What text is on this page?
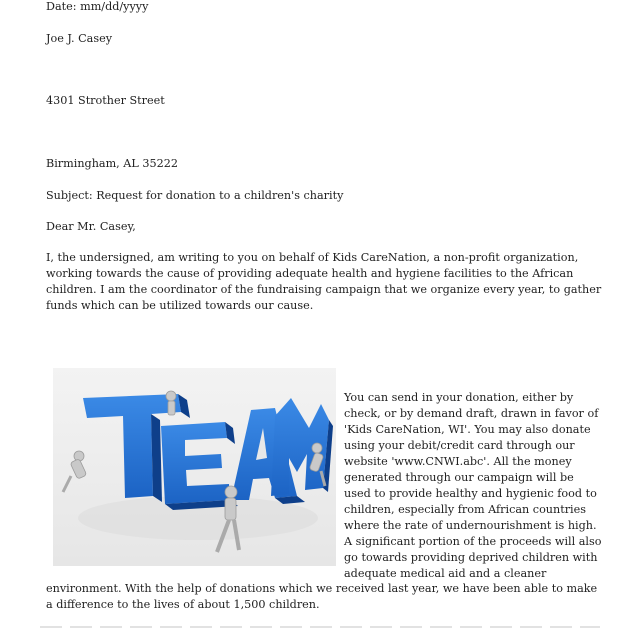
Date: mm/dd/yyyy
Joe J. Casey
4301 Strother Street
Birmingham, AL 35222
Subject: Request for donation to a children's charity
Dear Mr. Casey,

I, the undersigned, am writing to you on behalf of Kids CareNation, a non-profit organization, working towards the cause of providing adequate health and hygiene facilities to the African children. I am the coordinator of the fundraising campaign that we organize every year, to gather funds which can be utilized towards our cause.

You can send in your donation, either by check, or by demand draft, drawn in favor of 'Kids CareNation, WI'. You may also donate using your debit/credit card through our website 'www.CNWI.abc'. All the money generated through our campaign will be used to provide healthy and hygienic food to children, especially from African countries where the rate of undernourishment is high. A significant portion of the proceeds will also go towards providing deprived children with adequate medical aid and a cleaner
environment. With the help of donations which we received last year, we have been able to make a difference to the lives of about 1,500 children.
